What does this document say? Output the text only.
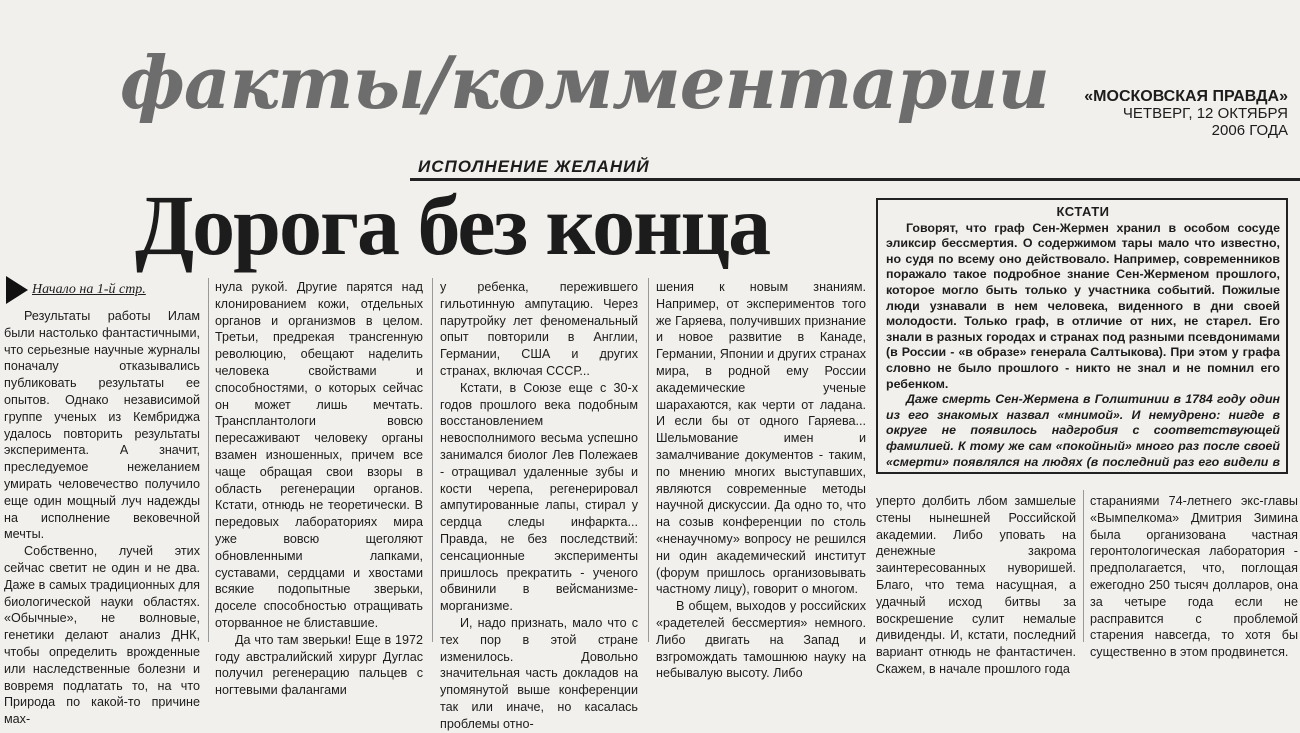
факты/комментарии «МОСКОВСКАЯ ПРАВДА»
ЧЕТВЕРГ, 12 ОКТЯБРЯ
2006 ГОДА
ИСПОЛНЕНИЕ ЖЕЛАНИЙ
Дорога без конца
Начало на 1-й стр.

Результаты работы Илам были настолько фантастичными, что серьезные научные журналы поначалу отказывались публиковать результаты ее опытов. Однако независимой группе ученых из Кембриджа удалось повторить результаты эксперимента. А значит, преследуемое нежеланием умирать человечество получило еще один мощный луч надежды на исполнение вековечной мечты.

Собственно, лучей этих сейчас светит не один и не два. Даже в самых традиционных для биологической науки областях. «Обычные», не волновые, генетики делают анализ ДНК, чтобы определить врожденные или наследственные болезни и вовремя подлатать то, на что Природа по какой-то причине мах-

нула рукой. Другие парятся над клонированием кожи, отдельных органов и организмов в целом. Третьи, предрекая трансгенную революцию, обещают наделить человека свойствами и способностями, о которых сейчас он может лишь мечтать. Трансплантологи вовсю пересаживают человеку органы взамен изношенных, причем все чаще обращая свои взоры в область регенерации органов. Кстати, отнюдь не теоретически. В передовых лабораториях мира уже вовсю щеголяют обновленными лапками, суставами, сердцами и хвостами всякие подопытные зверьки, доселе способностью отращивать оторванное не блиставшие.

Да что там зверьки! Еще в 1972 году австралийский хирург Дуглас получил регенерацию пальцев с ногтевыми фалангами

у ребенка, пережившего гильотинную ампутацию. Через парутройку лет феноменальный опыт повторили в Англии, Германии, США и других странах, включая СССР...

Кстати, в Союзе еще с 30-х годов прошлого века подобным восстановлением невосполнимого весьма успешно занимался биолог Лев Полежаев - отращивал удаленные зубы и кости черепа, регенерировал ампутированные лапы, стирал у сердца следы инфаркта... Правда, не без последствий: сенсационные эксперименты пришлось прекратить - ученого обвинили в вейсманизме-морганизме.

И, надо признать, мало что с тех пор в этой стране изменилось. Довольно значительная часть докладов на упомянутой выше конференции так или иначе, но касалась проблемы отно-

шения к новым знаниям. Например, от экспериментов того же Гаряева, получивших признание и новое развитие в Канаде, Германии, Японии и других странах мира, в родной ему России академические ученые шарахаются, как черти от ладана. И если бы от одного Гаряева... Шельмование имен и замалчивание документов - таким, по мнению многих выступавших, являются современные методы научной дискуссии. Да одно то, что на созыв конференции по столь «ненаучному» вопросу не решился ни один академический институт (форум пришлось организовывать частному лицу), говорит о многом.

В общем, выходов у российских «радетелей бессмертия» немного. Либо двигать на Запад и взгромождать тамошнюю науку на небывалую высоту. Либо

КСТАТИ

Говорят, что граф Сен-Жермен хранил в особом сосуде эликсир бессмертия. О содержимом тары мало что известно, но судя по всему оно действовало. Например, современников поражало такое подробное знание Сен-Жерменом прошлого, которое могло быть только у участника событий. Пожилые люди узнавали в нем человека, виденного в дни своей молодости. Только граф, в отличие от них, не старел. Его знали в разных городах и странах под разными псевдонимами (в России - «в образе» генерала Салтыкова). При этом у графа словно не было прошлого - никто не знал и не помнил его ребенком.

Даже смерть Сен-Жермена в Голштинии в 1784 году один из его знакомых назвал «мнимой». И немудрено: нигде в округе не появилось надгробия с соответствующей фамилией. К тому же сам «покойный» много раз после своей «смерти» появлялся на людях (в последний раз его видели в

уперто долбить лбом замшелые стены нынешней Российской академии. Либо уповать на денежные закрома заинтересованных нуворишей. Благо, что тема насущная, а удачный исход битвы за воскрешение сулит немалые дивиденды. И, кстати, последний вариант отнюдь не фантастичен. Скажем, в начале прошлого года

стараниями 74-летнего экс-главы «Вымпелкома» Дмитрия Зимина была организована частная геронтологическая лаборатория - предполагается, что, поглощая ежегодно 250 тысяч долларов, она за четыре года если не расправится с проблемой старения навсегда, то хотя бы существенно в этом продвинется.
